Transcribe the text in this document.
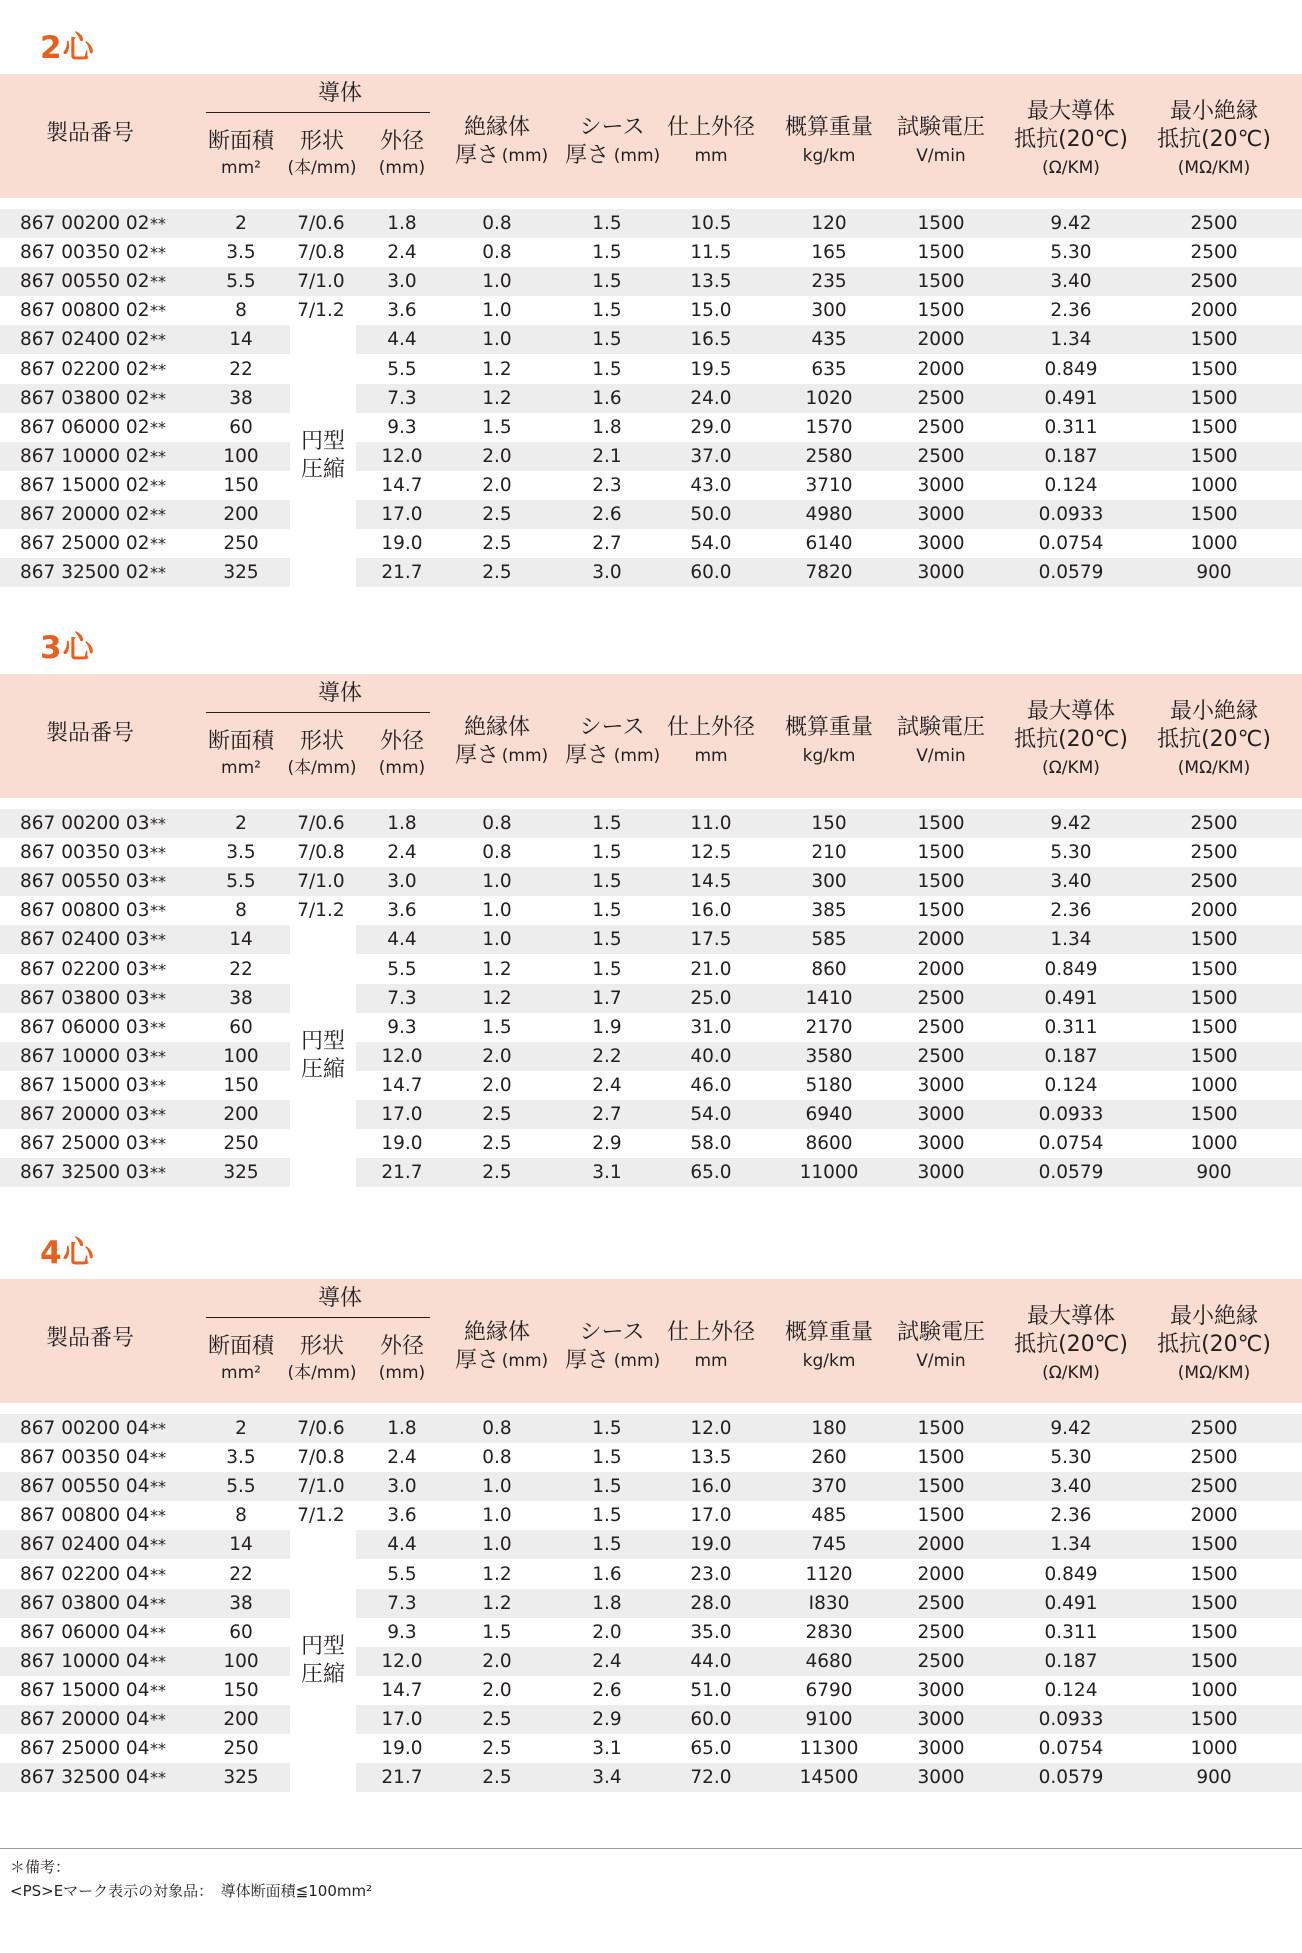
2心
製品番号
導体
断面積
mm²
形状
(本/mm)
外径
(mm)
絶縁体
厚さ (mm)
シース
厚さ (mm)
仕上外径
mm
概算重量
kg/km
試験電圧
V/min
最大導体
抵抗(20℃)
(Ω/KM)
最小絶縁
抵抗(20℃)
(MΩ/KM)
867 00200 02 **	2	7/0.6	1.8	0.8	1.5	10.5	120	1500	9.42	2500
867 00350 02 **	3.5	7/0.8	2.4	0.8	1.5	11.5	165	1500	5.30	2500
867 00550 02 **	5.5	7/1.0	3.0	1.0	1.5	13.5	235	1500	3.40	2500
867 00800 02 **	8	7/1.2	3.6	1.0	1.5	15.0	300	1500	2.36	2000
867 02400 02 **	14	4.4	1.0	1.5	16.5	435	2000	1.34	1500
867 02200 02 **	22	5.5	1.2	1.5	19.5	635	2000	0.849	1500
867 03800 02 **	38	7.3	1.2	1.6	24.0	1020	2500	0.491	1500
867 06000 02 **	60	9.3	1.5	1.8	29.0	1570	2500	0.311	1500
867 10000 02 **	100	12.0	2.0	2.1	37.0	2580	2500	0.187	1500
867 15000 02 **	150	14.7	2.0	2.3	43.0	3710	3000	0.124	1000
867 20000 02 **	200	17.0	2.5	2.6	50.0	4980	3000	0.0933	1500
867 25000 02 **	250	19.0	2.5	2.7	54.0	6140	3000	0.0754	1000
867 32500 02 **	325	21.7	2.5	3.0	60.0	7820	3000	0.0579	900
円型
圧縮
3心
製品番号
導体
断面積
mm²
形状
(本/mm)
外径
(mm)
絶縁体
厚さ (mm)
シース
厚さ (mm)
仕上外径
mm
概算重量
kg/km
試験電圧
V/min
最大導体
抵抗(20℃)
(Ω/KM)
最小絶縁
抵抗(20℃)
(MΩ/KM)
867 00200 03 **	2	7/0.6	1.8	0.8	1.5	11.0	150	1500	9.42	2500
867 00350 03 **	3.5	7/0.8	2.4	0.8	1.5	12.5	210	1500	5.30	2500
867 00550 03 **	5.5	7/1.0	3.0	1.0	1.5	14.5	300	1500	3.40	2500
867 00800 03 **	8	7/1.2	3.6	1.0	1.5	16.0	385	1500	2.36	2000
867 02400 03 **	14	4.4	1.0	1.5	17.5	585	2000	1.34	1500
867 02200 03 **	22	5.5	1.2	1.5	21.0	860	2000	0.849	1500
867 03800 03 **	38	7.3	1.2	1.7	25.0	1410	2500	0.491	1500
867 06000 03 **	60	9.3	1.5	1.9	31.0	2170	2500	0.311	1500
867 10000 03 **	100	12.0	2.0	2.2	40.0	3580	2500	0.187	1500
867 15000 03 **	150	14.7	2.0	2.4	46.0	5180	3000	0.124	1000
867 20000 03 **	200	17.0	2.5	2.7	54.0	6940	3000	0.0933	1500
867 25000 03 **	250	19.0	2.5	2.9	58.0	8600	3000	0.0754	1000
867 32500 03 **	325	21.7	2.5	3.1	65.0	11000	3000	0.0579	900
円型
圧縮
4心
製品番号
導体
断面積
mm²
形状
(本/mm)
外径
(mm)
絶縁体
厚さ (mm)
シース
厚さ (mm)
仕上外径
mm
概算重量
kg/km
試験電圧
V/min
最大導体
抵抗(20℃)
(Ω/KM)
最小絶縁
抵抗(20℃)
(MΩ/KM)
867 00200 04 **	2	7/0.6	1.8	0.8	1.5	12.0	180	1500	9.42	2500
867 00350 04 **	3.5	7/0.8	2.4	0.8	1.5	13.5	260	1500	5.30	2500
867 00550 04 **	5.5	7/1.0	3.0	1.0	1.5	16.0	370	1500	3.40	2500
867 00800 04 **	8	7/1.2	3.6	1.0	1.5	17.0	485	1500	2.36	2000
867 02400 04 **	14	4.4	1.0	1.5	19.0	745	2000	1.34	1500
867 02200 04 **	22	5.5	1.2	1.6	23.0	1120	2000	0.849	1500
867 03800 04 **	38	7.3	1.2	1.8	28.0	I830	2500	0.491	1500
867 06000 04 **	60	9.3	1.5	2.0	35.0	2830	2500	0.311	1500
867 10000 04 **	100	12.0	2.0	2.4	44.0	4680	2500	0.187	1500
867 15000 04 **	150	14.7	2.0	2.6	51.0	6790	3000	0.124	1000
867 20000 04 **	200	17.0	2.5	2.9	60.0	9100	3000	0.0933	1500
867 25000 04 **	250	19.0	2.5	3.1	65.0	11300	3000	0.0754	1000
867 32500 04 **	325	21.7	2.5	3.4	72.0	14500	3000	0.0579	900
円型
圧縮
＊備考：
<PS>Eマーク表示の対象品：　導体断面積≦100mm²
